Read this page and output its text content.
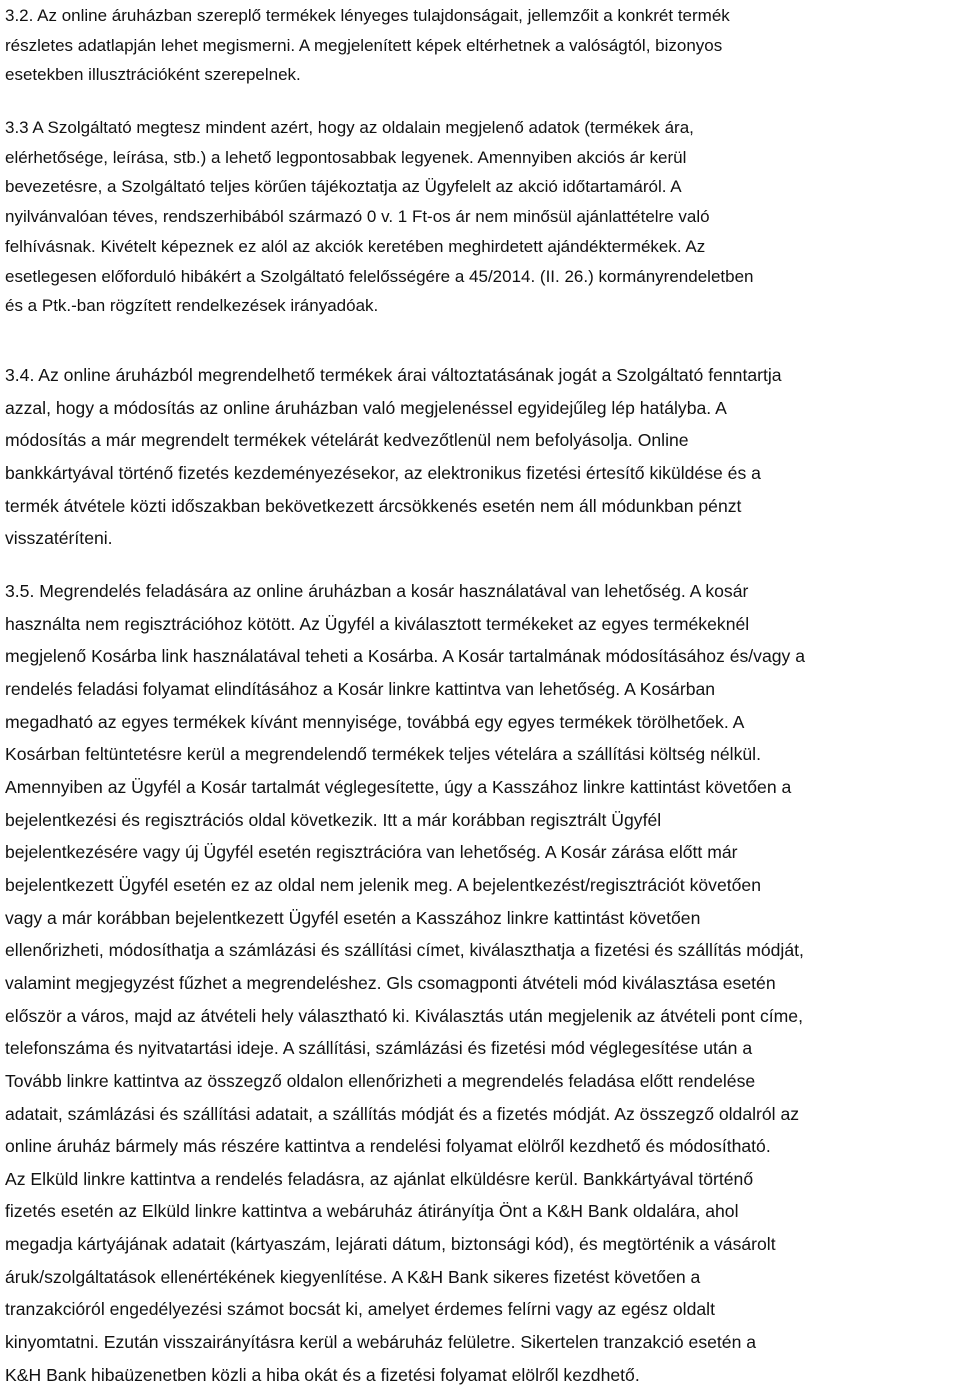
3.2. Az online áruházban szereplő termékek lényeges tulajdonságait, jellemzőit a konkrét termék
részletes adatlapján lehet megismerni. A megjelenített képek eltérhetnek a valóságtól, bizonyos
esetekben illusztrációként szerepelnek.

3.3 A Szolgáltató megtesz mindent azért, hogy az oldalain megjelenő adatok (termékek ára,
elérhetősége, leírása, stb.) a lehető legpontosabbak legyenek. Amennyiben akciós ár kerül
bevezetésre, a Szolgáltató teljes körűen tájékoztatja az Ügyfelelt az akció időtartamáról. A
nyilvánvalóan téves, rendszerhibából származó 0 v. 1 Ft-os ár nem minősül ajánlattételre való
felhívásnak. Kivételt képeznek ez alól az akciók keretében meghirdetett ajándéktermékek. Az
esetlegesen előforduló hibákért a Szolgáltató felelősségére a 45/2014. (II. 26.) kormányrendeletben
és a Ptk.-ban rögzített rendelkezések irányadóak.

3.4. Az online áruházból megrendelhető termékek árai változtatásának jogát a Szolgáltató fenntartja
azzal, hogy a módosítás az online áruházban való megjelenéssel egyidejűleg lép hatályba. A
módosítás a már megrendelt termékek vételárát kedvezőtlenül nem befolyásolja. Online
bankkártyával történő fizetés kezdeményezésekor, az elektronikus fizetési értesítő kiküldése és a
termék átvétele közti időszakban bekövetkezett árcsökkenés esetén nem áll módunkban pénzt
visszatéríteni.

3.5. Megrendelés feladására az online áruházban a kosár használatával van lehetőség. A kosár
használta nem regisztrációhoz kötött. Az Ügyfél a kiválasztott termékeket az egyes termékeknél
megjelenő Kosárba link használatával teheti a Kosárba. A Kosár tartalmának módosításához és/vagy a
rendelés feladási folyamat elindításához a Kosár linkre kattintva van lehetőség. A Kosárban
megadható az egyes termékek kívánt mennyisége, továbbá egy egyes termékek törölhetőek. A
Kosárban feltüntetésre kerül a megrendelendő termékek teljes vételára a szállítási költség nélkül.
Amennyiben az Ügyfél a Kosár tartalmát véglegesítette, úgy a Kasszához linkre kattintást követően a
bejelentkezési és regisztrációs oldal következik. Itt a már korábban regisztrált Ügyfél
bejelentkezésére vagy új Ügyfél esetén regisztrációra van lehetőség. A Kosár zárása előtt már
bejelentkezett Ügyfél esetén ez az oldal nem jelenik meg. A bejelentkezést/regisztrációt követően
vagy a már korábban bejelentkezett Ügyfél esetén a Kasszához linkre kattintást követően
ellenőrizheti, módosíthatja a számlázási és szállítási címet, kiválaszthatja a fizetési és szállítás módját,
valamint megjegyzést fűzhet a megrendeléshez. Gls csomagponti átvételi mód kiválasztása esetén
először a város, majd az átvételi hely választható ki. Kiválasztás után megjelenik az átvételi pont címe,
telefonszáma és nyitvatartási ideje. A szállítási, számlázási és fizetési mód véglegesítése után a
Tovább linkre kattintva az összegző oldalon ellenőrizheti a megrendelés feladása előtt rendelése
adatait, számlázási és szállítási adatait, a szállítás módját és a fizetés módját. Az összegző oldalról az
online áruház bármely más részére kattintva a rendelési folyamat elölről kezdhető és módosítható.
Az Elküld linkre kattintva a rendelés feladásra, az ajánlat elküldésre kerül. Bankkártyával történő
fizetés esetén az Elküld linkre kattintva a webáruház átirányítja Önt a K&H Bank oldalára, ahol
megadja kártyájának adatait (kártyaszám, lejárati dátum, biztonsági kód), és megtörténik a vásárolt
áruk/szolgáltatások ellenértékének kiegyenlítése. A K&H Bank sikeres fizetést követően a
tranzakcióról engedélyezési számot bocsát ki, amelyet érdemes felírni vagy az egész oldalt
kinyomtatni. Ezután visszairányításra kerül a webáruház felületre. Sikertelen tranzakció esetén a
K&H Bank hibaüzenetben közli a hiba okát és a fizetési folyamat elölről kezdhető.
